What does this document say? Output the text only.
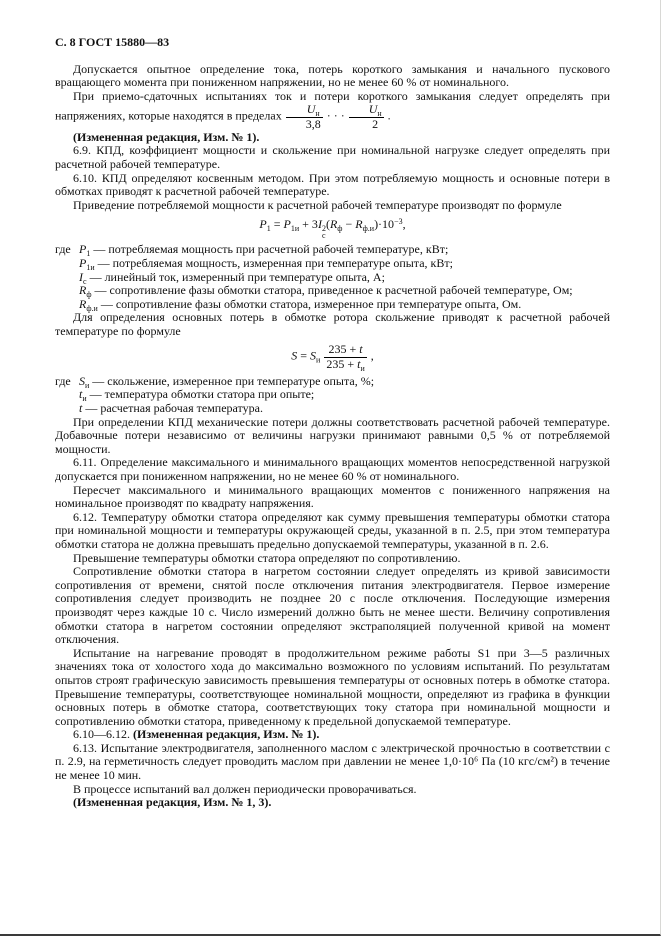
С. 8 ГОСТ 15880—83

Допускается опытное определение тока, потерь короткого замыкания и начального пускового вращающего момента при пониженном напряжении, но не менее 60 % от номинального.

При приемо-сдаточных испытаниях ток и потери короткого замыкания следует определять при напряжениях, которые находятся в пределах $\frac{U_н}{3,8}$ · · · $\frac{U_н}{2}$ .

(Измененная редакция, Изм. № 1).

6.9. КПД, коэффициент мощности и скольжение при номинальной нагрузке следует определять при расчетной рабочей температуре.

6.10. КПД определяют косвенным методом. При этом потребляемую мощность и основные потери в обмотках приводят к расчетной рабочей температуре.

Приведение потребляемой мощности к расчетной рабочей температуре производят по формуле

$P_1 = P_{1и} + 3I$ 2
с
$(R_ф - R_{ф.и})\cdot 10^{-3}$,
где $P_1$ — потребляемая мощность при расчетной рабочей температуре, кВт;
$P_{1и}$ — потребляемая мощность, измеренная при температуре опыта, кВт;
$I_с$ — линейный ток, измеренный при температуре опыта, А;
$R_ф$ — сопротивление фазы обмотки статора, приведенное к расчетной рабочей температуре, Ом;
$R_{ф.и}$ — сопротивление фазы обмотки статора, измеренное при температуре опыта, Ом.

Для определения основных потерь в обмотке ротора скольжение приводят к расчетной рабочей температуре по формуле

$S = S_и \frac{235 + t}{235 + t_и}$ ,
где $S_и$ — скольжение, измеренное при температуре опыта, %;
$t_и$ — температура обмотки статора при опыте;
t — расчетная рабочая температура.

При определении КПД механические потери должны соответствовать расчетной рабочей температуре. Добавочные потери независимо от величины нагрузки принимают равными 0,5 % от потребляемой мощности.

6.11. Определение максимального и минимального вращающих моментов непосредственной нагрузкой допускается при пониженном напряжении, но не менее 60 % от номинального.

Пересчет максимального и минимального вращающих моментов с пониженного напряжения на номинальное производят по квадрату напряжения.

6.12. Температуру обмотки статора определяют как сумму превышения температуры обмотки статора при номинальной мощности и температуры окружающей среды, указанной в п. 2.5, при этом температура обмотки статора не должна превышать предельно допускаемой температуры, указанной в п. 2.6.

Превышение температуры обмотки статора определяют по сопротивлению.

Сопротивление обмотки статора в нагретом состоянии следует определять из кривой зависимости сопротивления от времени, снятой после отключения питания электродвигателя. Первое измерение сопротивления следует производить не позднее 20 с после отключения. Последующие измерения производят через каждые 10 с. Число измерений должно быть не менее шести. Величину сопротивления обмотки статора в нагретом состоянии определяют экстраполяцией полученной кривой на момент отключения.

Испытание на нагревание проводят в продолжительном режиме работы S1 при 3—5 различных значениях тока от холостого хода до максимально возможного по условиям испытаний. По результатам опытов строят графическую зависимость превышения температуры от основных потерь в обмотке статора. Превышение температуры, соответствующее номинальной мощности, определяют из графика в функции основных потерь в обмотке статора, соответствующих току статора при номинальной мощности и сопротивлению обмотки статора, приведенному к предельной допускаемой температуре.

6.10—6.12. (Измененная редакция, Изм. № 1).

6.13. Испытание электродвигателя, заполненного маслом с электрической прочностью в соответствии с п. 2.9, на герметичность следует проводить маслом при давлении не менее 1,0·10⁶ Па (10 кгс/см²) в течение не менее 10 мин.

В процессе испытаний вал должен периодически проворачиваться.

(Измененная редакция, Изм. № 1, 3).
